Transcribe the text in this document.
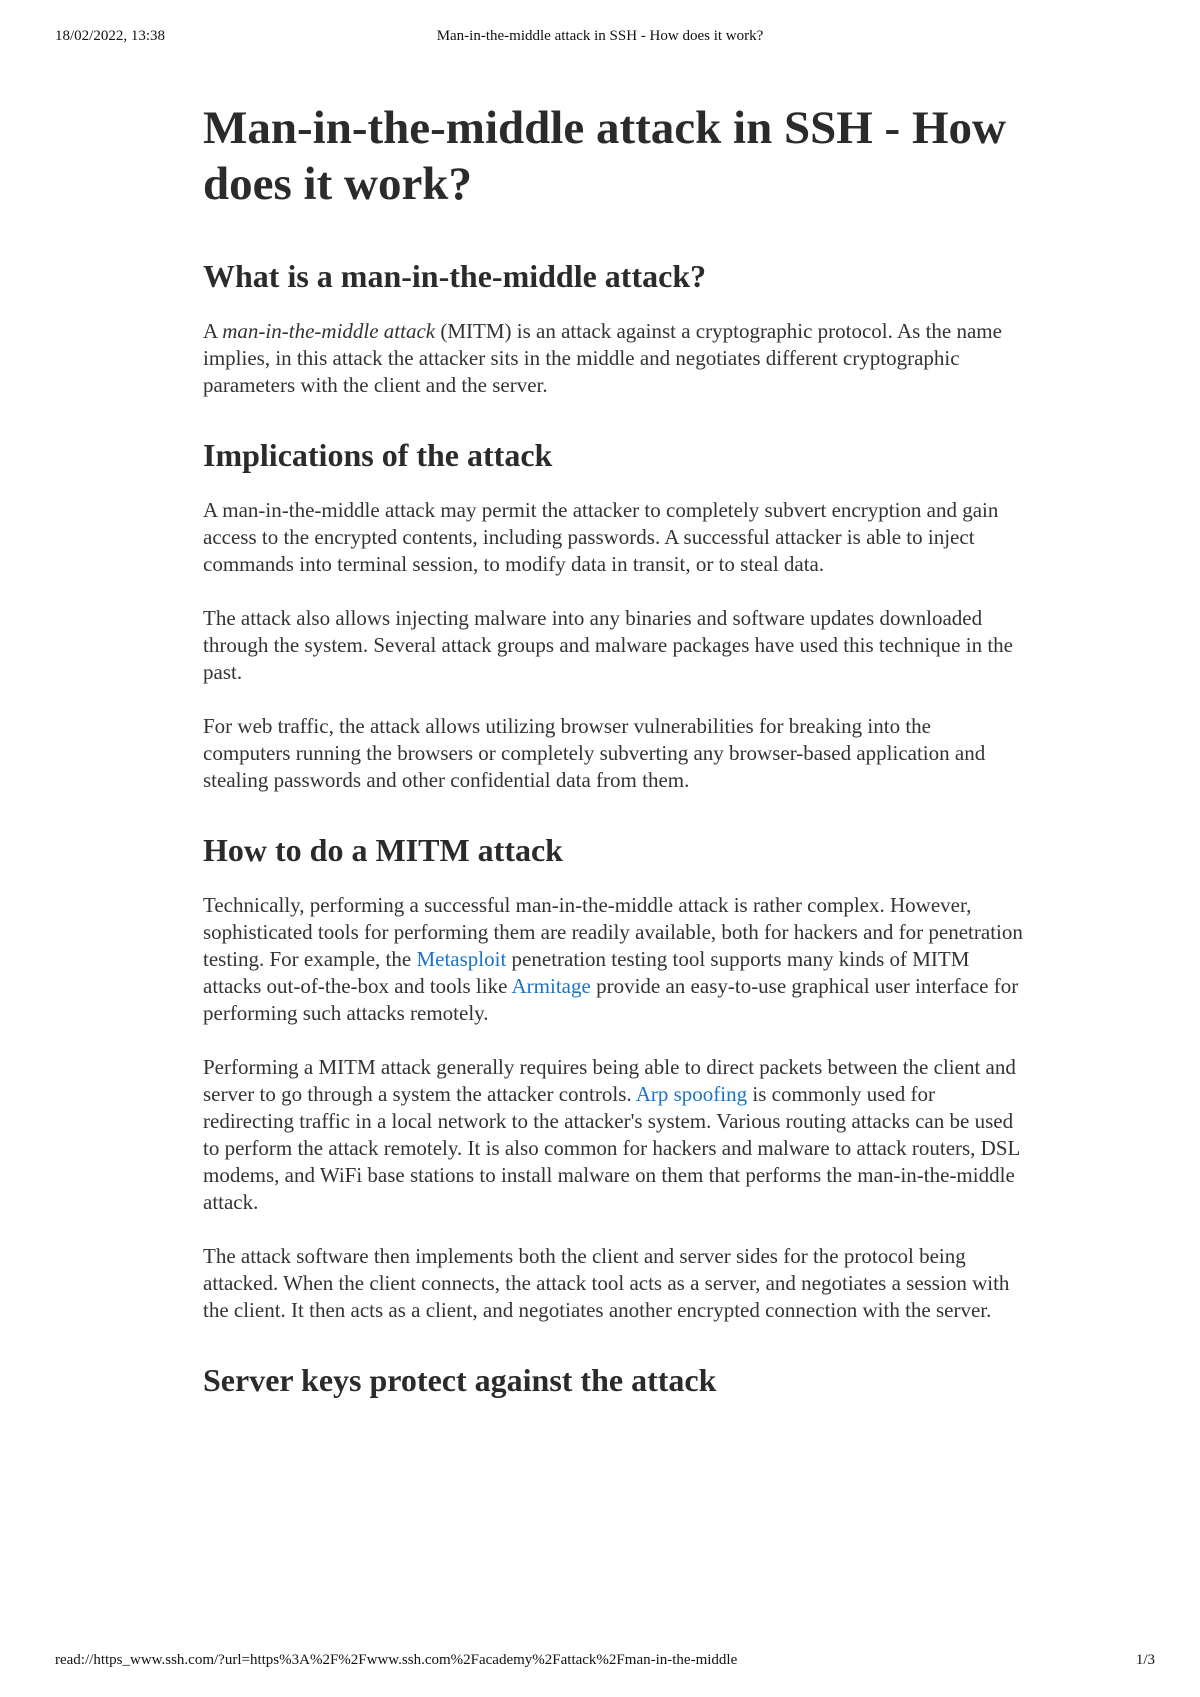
18/02/2022, 13:38	Man-in-the-middle attack in SSH - How does it work?
Man-in-the-middle attack in SSH - How does it work?
What is a man-in-the-middle attack?

A man-in-the-middle attack (MITM) is an attack against a cryptographic protocol. As the name implies, in this attack the attacker sits in the middle and negotiates different cryptographic parameters with the client and the server.

Implications of the attack

A man-in-the-middle attack may permit the attacker to completely subvert encryption and gain access to the encrypted contents, including passwords. A successful attacker is able to inject commands into terminal session, to modify data in transit, or to steal data.

The attack also allows injecting malware into any binaries and software updates downloaded through the system. Several attack groups and malware packages have used this technique in the past.

For web traffic, the attack allows utilizing browser vulnerabilities for breaking into the computers running the browsers or completely subverting any browser-based application and stealing passwords and other confidential data from them.

How to do a MITM attack

Technically, performing a successful man-in-the-middle attack is rather complex. However, sophisticated tools for performing them are readily available, both for hackers and for penetration testing. For example, the Metasploit penetration testing tool supports many kinds of MITM attacks out-of-the-box and tools like Armitage provide an easy-to-use graphical user interface for performing such attacks remotely.

Performing a MITM attack generally requires being able to direct packets between the client and server to go through a system the attacker controls. Arp spoofing is commonly used for redirecting traffic in a local network to the attacker's system. Various routing attacks can be used to perform the attack remotely. It is also common for hackers and malware to attack routers, DSL modems, and WiFi base stations to install malware on them that performs the man-in-the-middle attack.

The attack software then implements both the client and server sides for the protocol being attacked. When the client connects, the attack tool acts as a server, and negotiates a session with the client. It then acts as a client, and negotiates another encrypted connection with the server.

Server keys protect against the attack
read://https_www.ssh.com/?url=https%3A%2F%2Fwww.ssh.com%2Facademy%2Fattack%2Fman-in-the-middle	1/3
